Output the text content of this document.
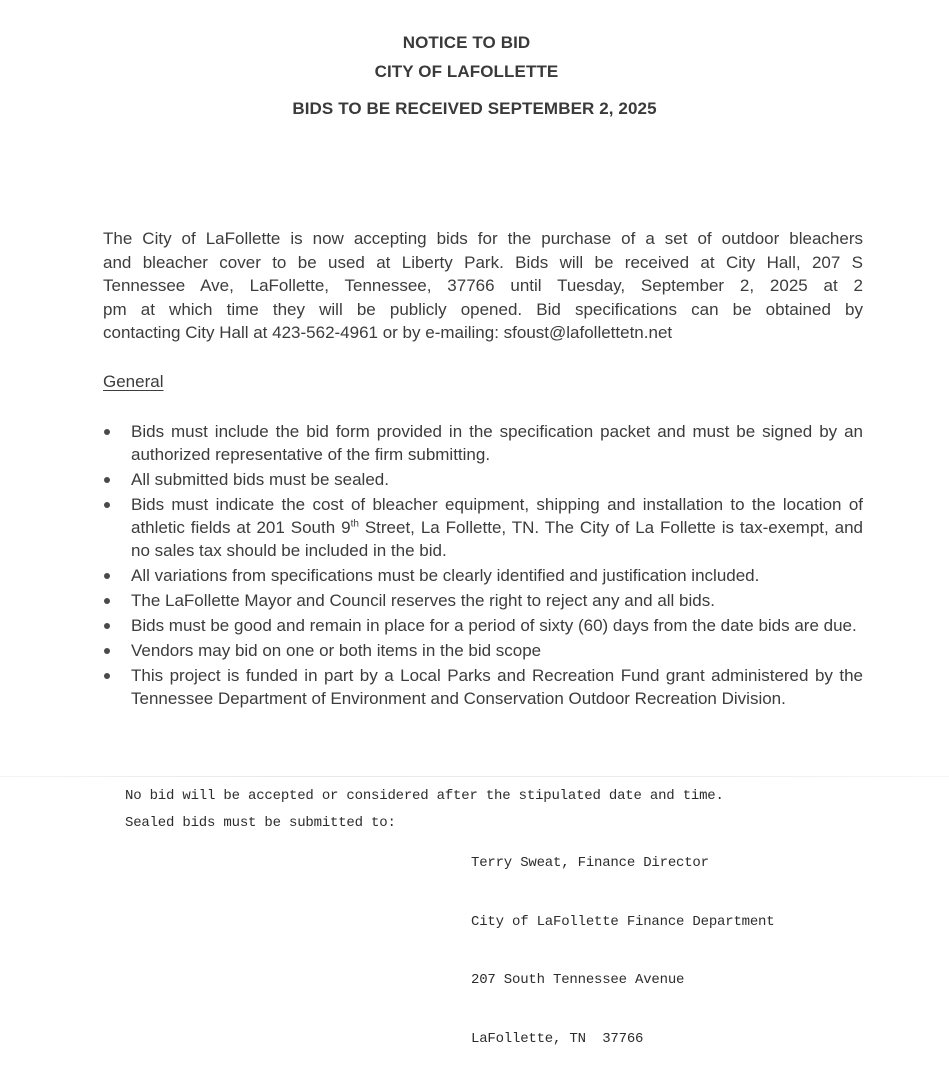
NOTICE TO BID
CITY OF LAFOLLETTE
BIDS TO BE RECEIVED SEPTEMBER 2, 2025
The City of LaFollette is now accepting bids for the purchase of a set of outdoor bleachers
and bleacher cover to be used at Liberty Park. Bids will be received at City Hall, 207 S
Tennessee Ave, LaFollette, Tennessee, 37766 until Tuesday, September 2, 2025 at 2
pm at which time they will be publicly opened. Bid specifications can be obtained by
contacting City Hall at 423-562-4961 or by e-mailing: sfoust@lafollettetn.net
General
Bids must include the bid form provided in the specification packet and must be signed by an authorized representative of the firm submitting.
All submitted bids must be sealed.
Bids must indicate the cost of bleacher equipment, shipping and installation to the location of athletic fields at 201 South 9th Street, La Follette, TN. The City of La Follette is tax-exempt, and no sales tax should be included in the bid.
All variations from specifications must be clearly identified and justification included.
The LaFollette Mayor and Council reserves the right to reject any and all bids.
Bids must be good and remain in place for a period of sixty (60) days from the date bids are due.
Vendors may bid on one or both items in the bid scope
This project is funded in part by a Local Parks and Recreation Fund grant administered by the Tennessee Department of Environment and Conservation Outdoor Recreation Division.
No bid will be accepted or considered after the stipulated date and time.
Sealed bids must be submitted to:

Terry Sweat, Finance Director

City of LaFollette Finance Department

207 South Tennessee Avenue

LaFollette, TN  37766
